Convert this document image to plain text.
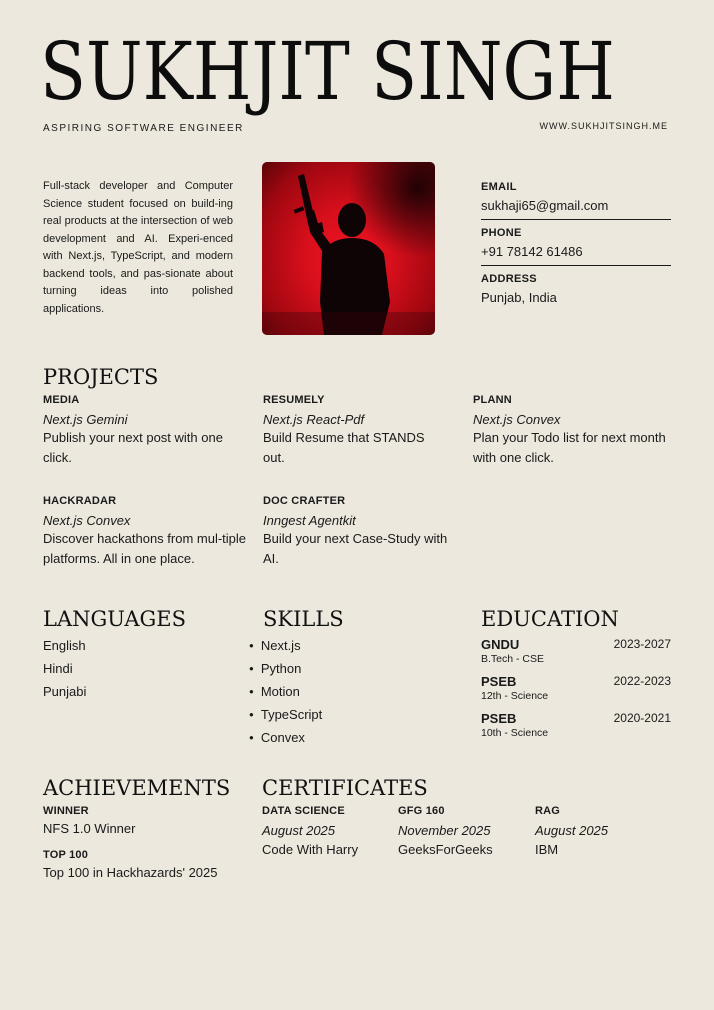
SUKHJIT SINGH
ASPIRING SOFTWARE ENGINEER	WWW.SUKHJITSINGH.ME
Full-stack developer and Computer Science student focused on build-ing real products at the intersection of web development and AI. Experi-enced with Next.js, TypeScript, and modern backend tools, and pas-sionate about turning ideas into polished applications.
EMAIL
sukhaji65@gmail.com
PHONE
+91 78142 61486
ADDRESS
Punjab, India
PROJECTS
MEDIA
Next.js Gemini
Publish your next post with one click.
RESUMELY
Next.js React-Pdf
Build Resume that STANDS out.
PLANN
Next.js Convex
Plan your Todo list for next month with one click.
HACKRADAR
Next.js Convex
Discover hackathons from mul-tiple platforms. All in one place.
DOC CRAFTER
Inngest Agentkit
Build your next Case-Study with AI.
LANGUAGES
English
Hindi
Punjabi
SKILLS
● Next.js
● Python
● Motion
● TypeScript
● Convex
EDUCATION
GNDU	2023-2027
B.Tech - CSE
PSEB	2022-2023
12th - Science
PSEB	2020-2021
10th - Science
ACHIEVEMENTS
WINNER
NFS 1.0 Winner
TOP 100
Top 100 in Hackhazards' 2025
CERTIFICATES
DATA SCIENCE
August 2025
Code With Harry
GFG 160
November 2025
GeeksForGeeks
RAG
August 2025
IBM
